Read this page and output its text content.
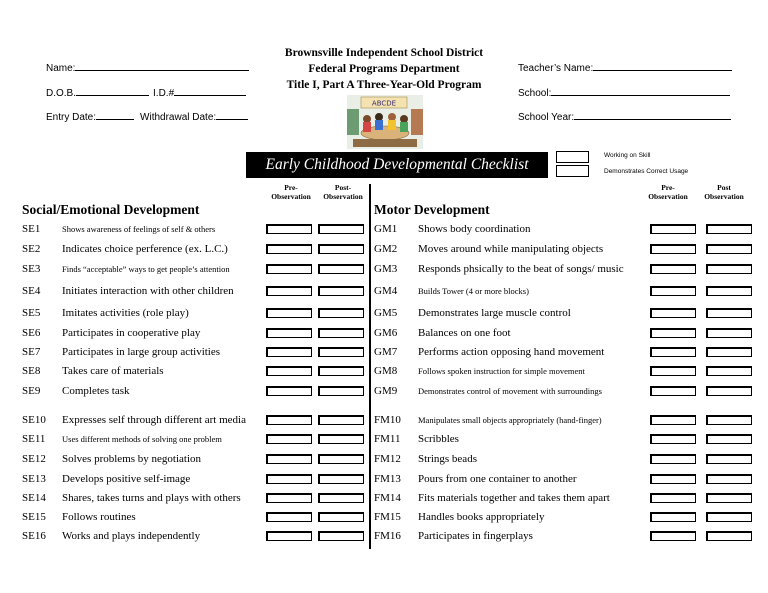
Name:
D.O.B.	I.D.#
Entry Date:	Withdrawal Date:
Brownsville Independent School District
Federal Programs Department
Title I, Part A Three-Year-Old Program
ABCDE
Teacher’s Name:
School:
School Year:
Early Childhood Developmental Checklist
Working on Skill
Demonstrates Correct Usage
Pre-
Observation
Post-
Observation
Pre-
Observation
Post
Observation
Social/Emotional Development	Motor Development
SE1	Shows awareness of feelings of self & others
SE2 Indicates choice perference (ex. L.C.)
SE3	Finds “acceptable” ways to get people’s attention
SE4 Initiates interaction with other children
SE5 Imitates activities (role play)
SE6 Participates in cooperative play
SE7 Participates in large group activities
SE8 Takes care of materials
SE9 Completes task
SE10 Expresses self through different art media
SE11 Uses different methods of solving one problem
SE12 Solves problems by negotiation
SE13 Develops positive self-image
SE14 Shares, takes turns and plays with others
SE15 Follows routines
SE16 Works and plays independently
GM1 Shows body coordination
GM2 Moves around while manipulating objects
GM3 Responds phsically to the beat of songs/ music
GM4 Builds Tower (4 or more blocks)
GM5 Demonstrates large muscle control
GM6 Balances on one foot
GM7 Performs action opposing hand movement
GM8 Follows spoken instruction for simple movement
GM9 Demonstrates control of movement with surroundings
FM10 Manipulates small objects appropriately (hand-finger)
FM11 Scribbles
FM12 Strings beads
FM13 Pours from one container to another
FM14 Fits materials together and takes them apart
FM15 Handles books appropriately
FM16 Participates in fingerplays
